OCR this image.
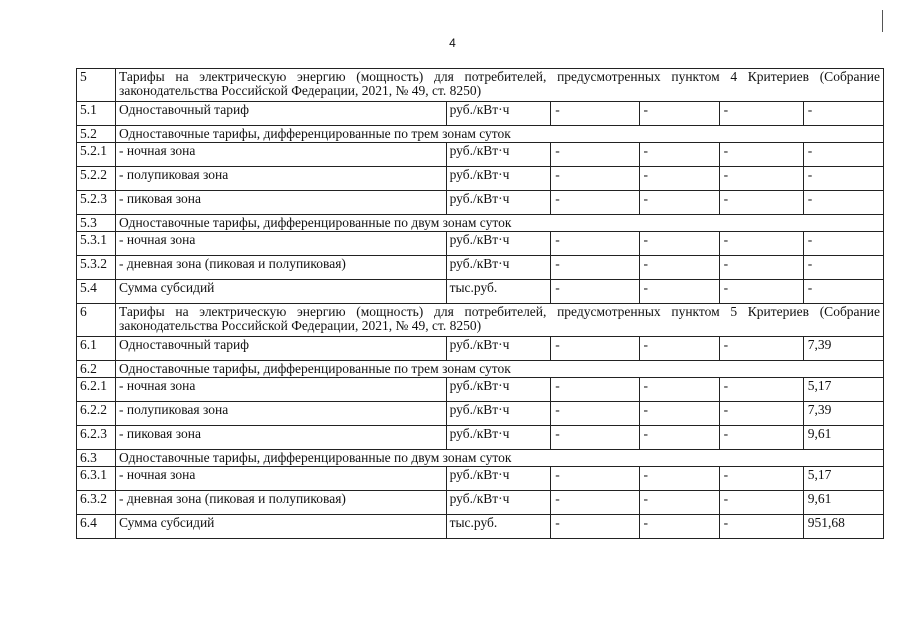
4
5	Тарифы на электрическую энергию (мощность) для потребителей, предусмотренных пунктом 4 Критериев (Собрание законодательства Российской Федерации, 2021, № 49, ст. 8250)					
5.1	Одноставочный тариф	руб./кВт·ч	-	-	-	-
5.2	Одноставочные тарифы, дифференцированные по трем зонам суток					
5.2.1	- ночная зона	руб./кВт·ч	-	-	-	-
5.2.2	- полупиковая зона	руб./кВт·ч	-	-	-	-
5.2.3	- пиковая зона	руб./кВт·ч	-	-	-	-
5.3	Одноставочные тарифы, дифференцированные по двум зонам суток					
5.3.1	- ночная зона	руб./кВт·ч	-	-	-	-
5.3.2	- дневная зона (пиковая и полупиковая)	руб./кВт·ч	-	-	-	-
5.4	Сумма субсидий	тыс.руб.	-	-	-	-
6	Тарифы на электрическую энергию (мощность) для потребителей, предусмотренных пунктом 5 Критериев (Собрание законодательства Российской Федерации, 2021, № 49, ст. 8250)					
6.1	Одноставочный тариф	руб./кВт·ч	-	-	-	7,39
6.2	Одноставочные тарифы, дифференцированные по трем зонам суток					
6.2.1	- ночная зона	руб./кВт·ч	-	-	-	5,17
6.2.2	- полупиковая зона	руб./кВт·ч	-	-	-	7,39
6.2.3	- пиковая зона	руб./кВт·ч	-	-	-	9,61
6.3	Одноставочные тарифы, дифференцированные по двум зонам суток					
6.3.1	- ночная зона	руб./кВт·ч	-	-	-	5,17
6.3.2	- дневная зона (пиковая и полупиковая)	руб./кВт·ч	-	-	-	9,61
6.4	Сумма субсидий	тыс.руб.	-	-	-	951,68
